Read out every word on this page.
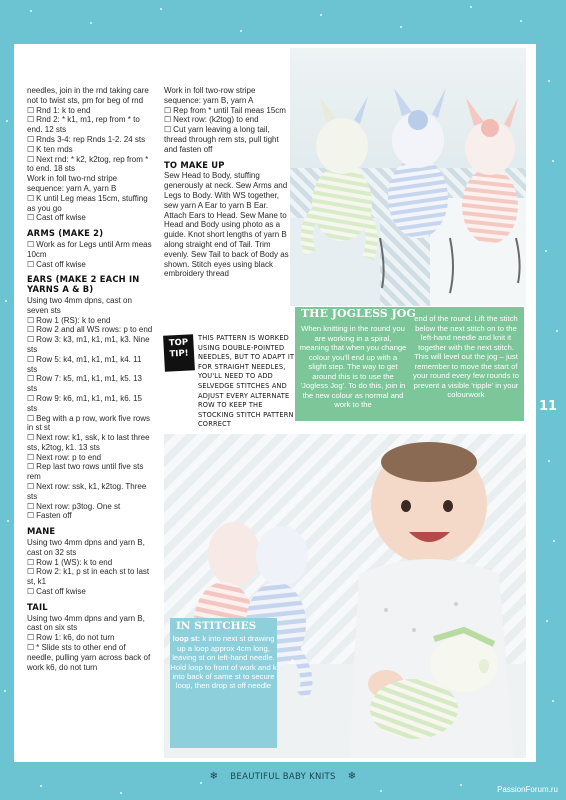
needles, join in the rnd taking care not to twist sts, pm for beg of rnd

☐ Rnd 1: k to end

☐ Rnd 2: * k1, m1, rep from * to end. 12 sts

☐ Rnds 3-4: rep Rnds 1-2. 24 sts

☐ K ten rnds

☐ Next rnd: * k2, k2tog, rep from * to end. 18 sts

Work in foll two-rnd stripe sequence: yarn A, yarn B

☐ K until Leg meas 15cm, stuffing as you go

☐ Cast off kwise

ARMS (MAKE 2)

☐ Work as for Legs until Arm meas 10cm

☐ Cast off kwise

EARS (MAKE 2 EACH IN YARNS A & B)

Using two 4mm dpns, cast on seven sts

☐ Row 1 (RS): k to end

☐ Row 2 and all WS rows: p to end

☐ Row 3: k3, m1, k1, m1, k3. Nine sts

☐ Row 5: k4, m1, k1, m1, k4. 11 sts

☐ Row 7: k5, m1, k1, m1, k5. 13 sts

☐ Row 9: k6, m1, k1, m1, k6. 15 sts

☐ Beg with a p row, work five rows in st st

☐ Next row: k1, ssk, k to last three sts, k2tog, k1. 13 sts

☐ Next row: p to end

☐ Rep last two rows until five sts rem

☐ Next row: ssk, k1, k2tog. Three sts

☐ Next row: p3tog. One st

☐ Fasten off

MANE

Using two 4mm dpns and yarn B, cast on 32 sts

☐ Row 1 (WS): k to end

☐ Row 2: k1, p st in each st to last st, k1

☐ Cast off kwise

TAIL

Using two 4mm dpns and yarn B, cast on six sts

☐ Row 1: k6, do not turn

☐ * Slide sts to other end of needle, pulling yarn across back of work k6, do not turn

Work in foll two-row stripe sequence: yarn B, yarn A

☐ Rep from * until Tail meas 15cm

☐ Next row: (k2tog) to end

☐ Cut yarn leaving a long tail, thread through rem sts, pull tight and fasten off

TO MAKE UP

Sew Head to Body, stuffing generously at neck. Sew Arms and Legs to Body. With WS together, sew yarn A Ear to yarn B Ear. Attach Ears to Head. Sew Mane to Head and Body using photo as a guide. Knot short lengths of yarn B along straight end of Tail. Trim evenly. Sew Tail to back of Body as shown. Stitch eyes using black embroidery thread

TOP TIP!
THIS PATTERN IS WORKED USING DOUBLE-POINTED NEEDLES, BUT TO ADAPT IT FOR STRAIGHT NEEDLES, YOU'LL NEED TO ADD SELVEDGE STITCHES AND ADJUST EVERY ALTERNATE ROW TO KEEP THE STOCKING STITCH PATTERN CORRECT
THE JOGLESS JOG
When knitting in the round you are working in a spiral, meaning that when you change colour you'll end up with a slight step. The way to get around this is to use the 'Jogless Jog'. To do this, join in the new colour as normal and work to the
end of the round. Lift the stitch below the next stitch on to the left-hand needle and knit it together with the next stitch. This will level out the jog – just remember to move the start of your round every few rounds to prevent a visible 'ripple' in your colourwork
11
IN STITCHES
loop st: k into next st drawing up a loop approx 4cm long, leaving st on left-hand needle. Hold loop to front of work and k into back of same st to secure loop, then drop st off needle
❄ BEAUTIFUL BABY KNITS ❄
PassionForum.ru
